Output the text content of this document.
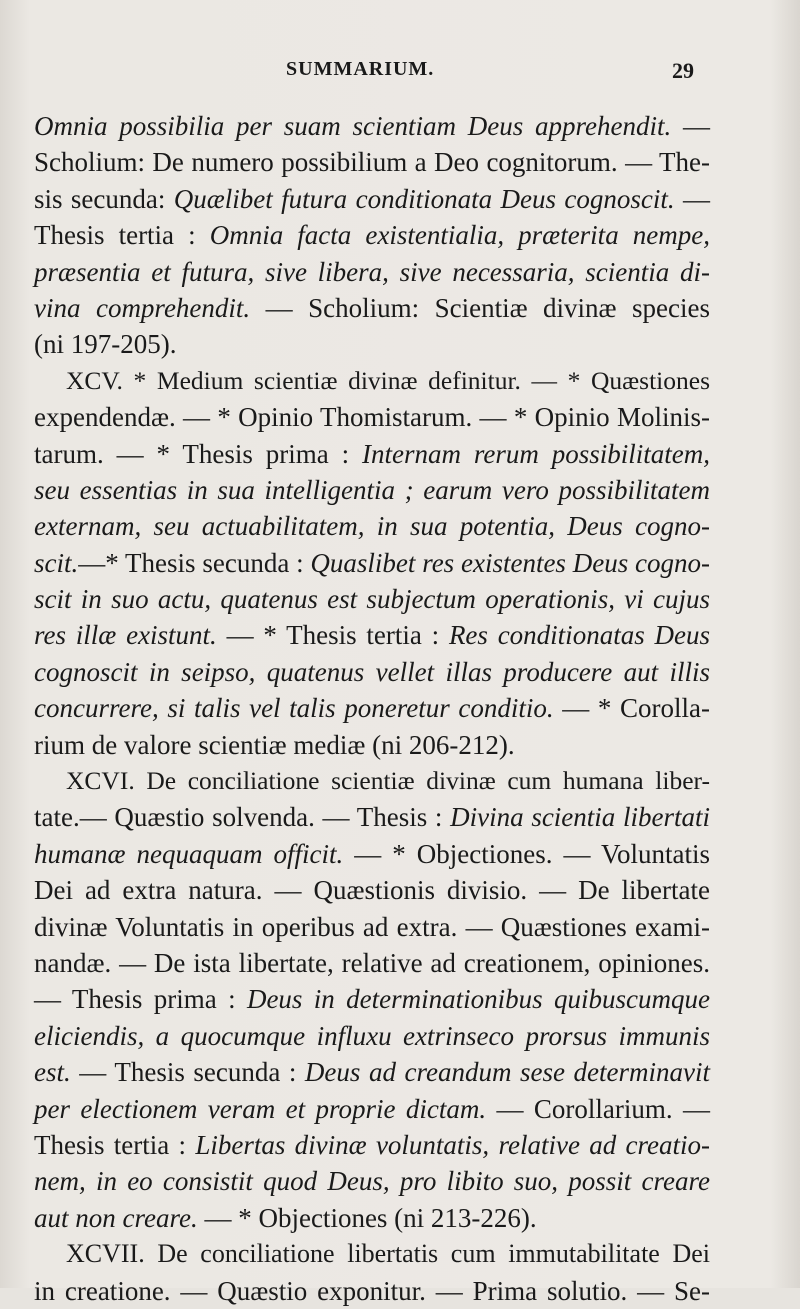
SUMMARIUM.	29
Omnia possibilia per suam scientiam Deus apprehendit. —
Scholium: De numero possibilium a Deo cognitorum. — The-
sis secunda: Quælibet futura conditionata Deus cognoscit. —
Thesis tertia : Omnia facta existentialia, præterita nempe,
præsentia et futura, sive libera, sive necessaria, scientia di-
vina comprehendit. — Scholium: Scientiæ divinæ species
(ni 197-205).
XCV. * Medium scientiæ divinæ definitur. — * Quæstiones
expendendæ. — * Opinio Thomistarum. — * Opinio Molinis-
tarum. — * Thesis prima : Internam rerum possibilitatem,
seu essentias in sua intelligentia ; earum vero possibilitatem
externam, seu actuabilitatem, in sua potentia, Deus cogno-
scit.—* Thesis secunda : Quaslibet res existentes Deus cogno-
scit in suo actu, quatenus est subjectum operationis, vi cujus
res illæ existunt. — * Thesis tertia : Res conditionatas Deus
cognoscit in seipso, quatenus vellet illas producere aut illis
concurrere, si talis vel talis poneretur conditio. — * Corolla-
rium de valore scientiæ mediæ (ni 206-212).
XCVI. De conciliatione scientiæ divinæ cum humana liber-
tate.— Quæstio solvenda. — Thesis : Divina scientia libertati
humanæ nequaquam officit. — * Objectiones. — Voluntatis
Dei ad extra natura. — Quæstionis divisio. — De libertate
divinæ Voluntatis in operibus ad extra. — Quæstiones exami-
nandæ. — De ista libertate, relative ad creationem, opiniones.
— Thesis prima : Deus in determinationibus quibuscumque
eliciendis, a quocumque influxu extrinseco prorsus immunis
est. — Thesis secunda : Deus ad creandum sese determinavit
per electionem veram et proprie dictam. — Corollarium. —
Thesis tertia : Libertas divinæ voluntatis, relative ad creatio-
nem, in eo consistit quod Deus, pro libito suo, possit creare
aut non creare. — * Objectiones (ni 213-226).
XCVII. De conciliatione libertatis cum immutabilitate Dei
in creatione. — Quæstio exponitur. — Prima solutio. — Se-
